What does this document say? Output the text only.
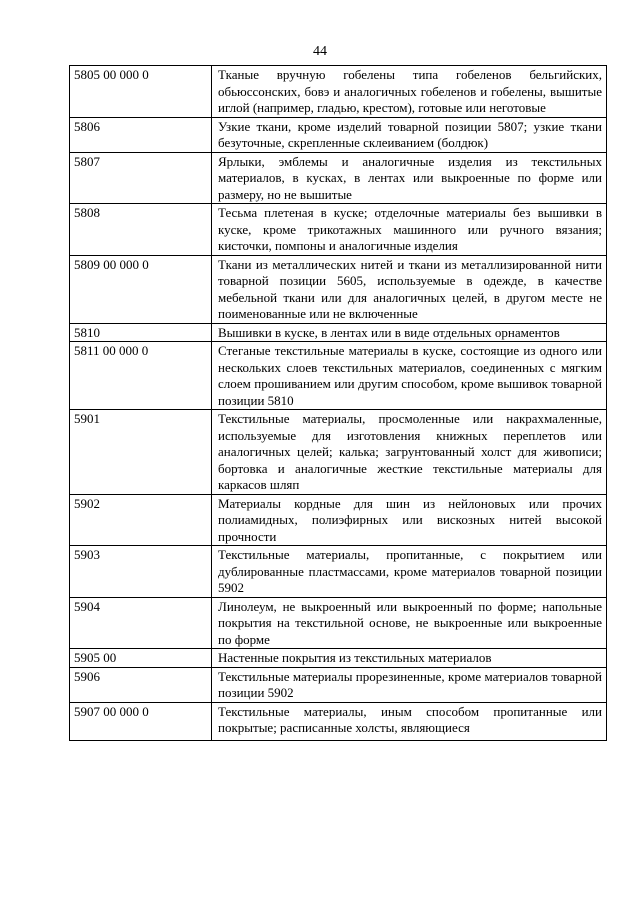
44
5805 00 000 0	Тканые вручную гобелены типа гобеленов бельгийских, обьюссонских, бовэ и аналогичных гобеленов и гобелены, вышитые иглой (например, гладью, крестом), готовые или неготовые
5806	Узкие ткани, кроме изделий товарной позиции 5807; узкие ткани безуточные, скрепленные склеиванием (болдюк)
5807	Ярлыки, эмблемы и аналогичные изделия из текстильных материалов, в кусках, в лентах или выкроенные по форме или размеру, но не вышитые
5808	Тесьма плетеная в куске; отделочные материалы без вышивки в куске, кроме трикотажных машинного или ручного вязания; кисточки, помпоны и аналогичные изделия
5809 00 000 0	Ткани из металлических нитей и ткани из металлизированной нити товарной позиции 5605, используемые в одежде, в качестве мебельной ткани или для аналогичных целей, в другом месте не поименованные или не включенные
5810	Вышивки в куске, в лентах или в виде отдельных орнаментов
5811 00 000 0	Стеганые текстильные материалы в куске, состоящие из одного или нескольких слоев текстильных материалов, соединенных с мягким слоем прошиванием или другим способом, кроме вышивок товарной позиции 5810
5901	Текстильные материалы, просмоленные или накрахмаленные, используемые для изготовления книжных переплетов или аналогичных целей; калька; загрунтованный холст для живописи; бортовка и аналогичные жесткие текстильные материалы для каркасов шляп
5902	Материалы кордные для шин из нейлоновых или прочих полиамидных, полиэфирных или вискозных нитей высокой прочности
5903	Текстильные материалы, пропитанные, с покрытием или дублированные пластмассами, кроме материалов товарной позиции 5902
5904	Линолеум, не выкроенный или выкроенный по форме; напольные покрытия на текстильной основе, не выкроенные или выкроенные по форме
5905 00	Настенные покрытия из текстильных материалов
5906	Текстильные материалы прорезиненные, кроме материалов товарной позиции 5902
5907 00 000 0	Текстильные материалы, иным способом пропитанные или покрытые; расписанные холсты, являющиеся
